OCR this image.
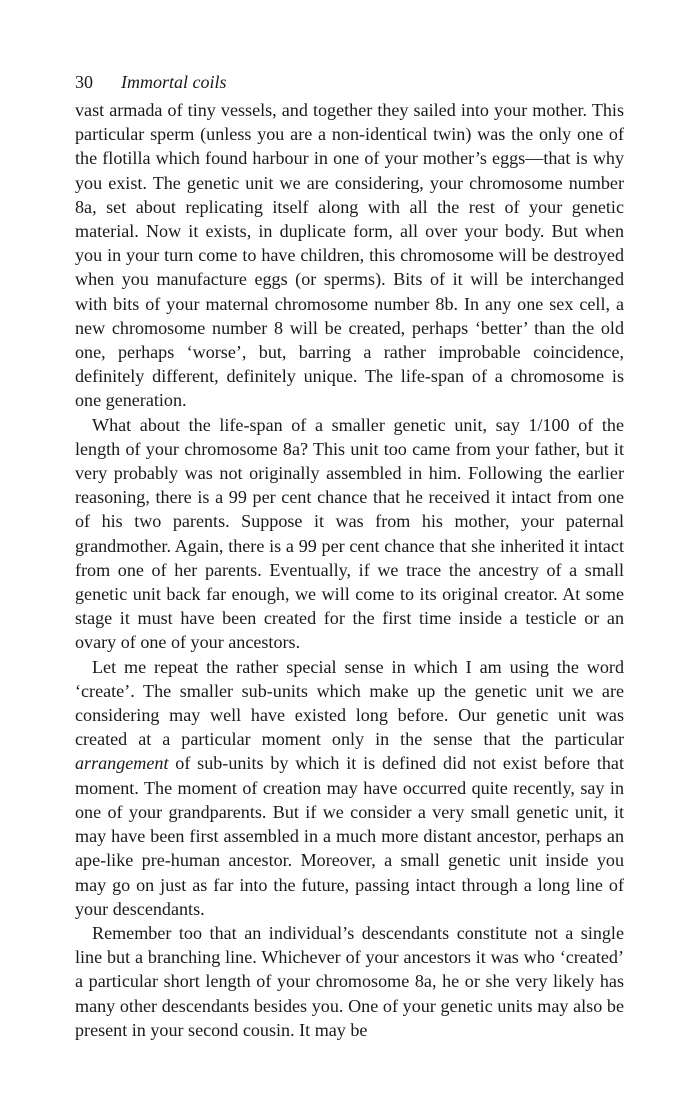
30	Immortal coils

vast armada of tiny vessels, and together they sailed into your mother. This particular sperm (unless you are a non-identical twin) was the only one of the flotilla which found harbour in one of your mother’s eggs—that is why you exist. The genetic unit we are considering, your chromosome number 8a, set about replicating itself along with all the rest of your genetic material. Now it exists, in duplicate form, all over your body. But when you in your turn come to have children, this chromosome will be destroyed when you manufacture eggs (or sperms). Bits of it will be interchanged with bits of your maternal chromosome number 8b. In any one sex cell, a new chromosome number 8 will be created, perhaps ‘better’ than the old one, perhaps ‘worse’, but, barring a rather improbable coincidence, definitely different, definitely unique. The life-span of a chromosome is one generation.

What about the life-span of a smaller genetic unit, say 1/100 of the length of your chromosome 8a? This unit too came from your father, but it very probably was not originally assembled in him. Following the earlier reasoning, there is a 99 per cent chance that he received it intact from one of his two parents. Suppose it was from his mother, your paternal grandmother. Again, there is a 99 per cent chance that she inherited it intact from one of her parents. Eventually, if we trace the ancestry of a small genetic unit back far enough, we will come to its original creator. At some stage it must have been created for the first time inside a testicle or an ovary of one of your ancestors.

Let me repeat the rather special sense in which I am using the word ‘create’. The smaller sub-units which make up the genetic unit we are considering may well have existed long before. Our genetic unit was created at a particular moment only in the sense that the particular arrangement of sub-units by which it is defined did not exist before that moment. The moment of creation may have occurred quite recently, say in one of your grandparents. But if we consider a very small genetic unit, it may have been first assembled in a much more distant ancestor, perhaps an ape-like pre-human ancestor. Moreover, a small genetic unit inside you may go on just as far into the future, passing intact through a long line of your descendants.

Remember too that an individual’s descendants constitute not a single line but a branching line. Whichever of your ancestors it was who ‘created’ a particular short length of your chromosome 8a, he or she very likely has many other descendants besides you. One of your genetic units may also be present in your second cousin. It may be
